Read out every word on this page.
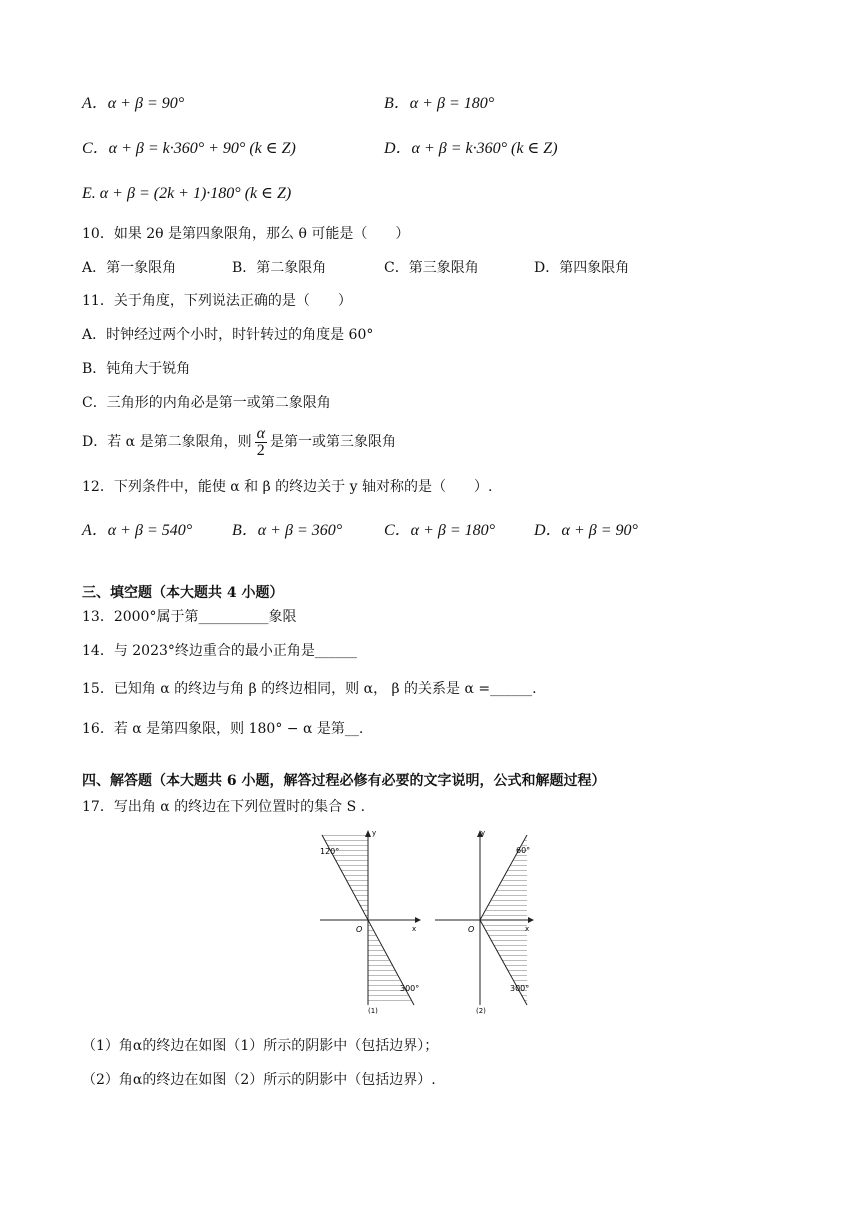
A．α + β = 90°	B．α + β = 180°
C．α + β = k·360° + 90° (k ∈ Z)	D．α + β = k·360° (k ∈ Z)
E. α + β = (2k + 1)·180° (k ∈ Z)
10．如果 2θ 是第四象限角，那么 θ 可能是（　　）
A．第一象限角	B．第二象限角	C．第三象限角	D．第四象限角
11．关于角度，下列说法正确的是（　　）
A．时钟经过两个小时，时针转过的角度是 60°
B．钝角大于锐角
C．三角形的内角必是第一或第二象限角
D．若 α 是第二象限角，则 $\frac{\alpha}{2}$ 是第一或第三象限角
12．下列条件中，能使 α 和 β 的终边关于 y 轴对称的是（　　）.
A．α + β = 540° B．α + β = 360°	C．α + β = 180° D．α + β = 90°
三、填空题（本大题共 4 小题）
13．2000°属于第__________象限
14．与 2023°终边重合的最小正角是______
15．已知角 α 的终边与角 β 的终边相同，则 α， β 的关系是 α =______.
16．若 α 是第四象限，则 180° − α 是第__.
四、解答题（本大题共 6 小题，解答过程必修有必要的文字说明，公式和解题过程）
17．写出角 α 的终边在下列位置时的集合 S .
y
x
O
120°
300°
(1)
y
x
O
60°
300°
(2)
（1）角α的终边在如图（1）所示的阴影中（包括边界）；
（2）角α的终边在如图（2）所示的阴影中（包括边界）.
